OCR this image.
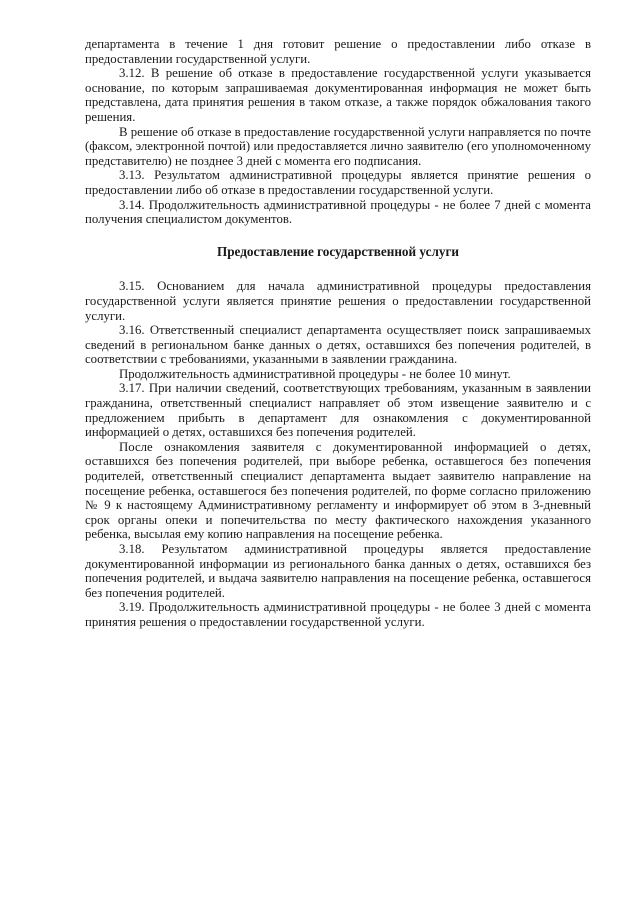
департамента в течение 1 дня готовит решение о предоставлении либо отказе в предоставлении государственной услуги.

3.12. В решение об отказе в предоставление государственной услуги указывается основание, по которым запрашиваемая документированная информация не может быть представлена, дата принятия решения в таком отказе, а также порядок обжалования такого решения.

В решение об отказе в предоставление государственной услуги направляется по почте (факсом, электронной почтой) или предоставляется лично заявителю (его уполномоченному представителю) не позднее 3 дней с момента его подписания.

3.13. Результатом административной процедуры является принятие решения о предоставлении либо об отказе в предоставлении государственной услуги.

3.14. Продолжительность административной процедуры - не более 7 дней с момента получения специалистом документов.

Предоставление государственной услуги

3.15. Основанием для начала административной процедуры предоставления государственной услуги является принятие решения о предоставлении государственной услуги.

3.16. Ответственный специалист департамента осуществляет поиск запрашиваемых сведений в региональном банке данных о детях, оставшихся без попечения родителей, в соответствии с требованиями, указанными в заявлении гражданина.

Продолжительность административной процедуры - не более 10 минут.

3.17. При наличии сведений, соответствующих требованиям, указанным в заявлении гражданина, ответственный специалист направляет об этом извещение заявителю и с предложением прибыть в департамент для ознакомления с документированной информацией о детях, оставшихся без попечения родителей.

После ознакомления заявителя с документированной информацией о детях, оставшихся без попечения родителей, при выборе ребенка, оставшегося без попечения родителей, ответственный специалист департамента выдает заявителю направление на посещение ребенка, оставшегося без попечения родителей, по форме согласно приложению № 9 к настоящему Административному регламенту и информирует об этом в 3-дневный срок органы опеки и попечительства по месту фактического нахождения указанного ребенка, высылая ему копию направления на посещение ребенка.

3.18. Результатом административной процедуры является предоставление документированной информации из регионального банка данных о детях, оставшихся без попечения родителей, и выдача заявителю направления на посещение ребенка, оставшегося без попечения родителей.

3.19. Продолжительность административной процедуры - не более 3 дней с момента принятия решения о предоставлении государственной услуги.
